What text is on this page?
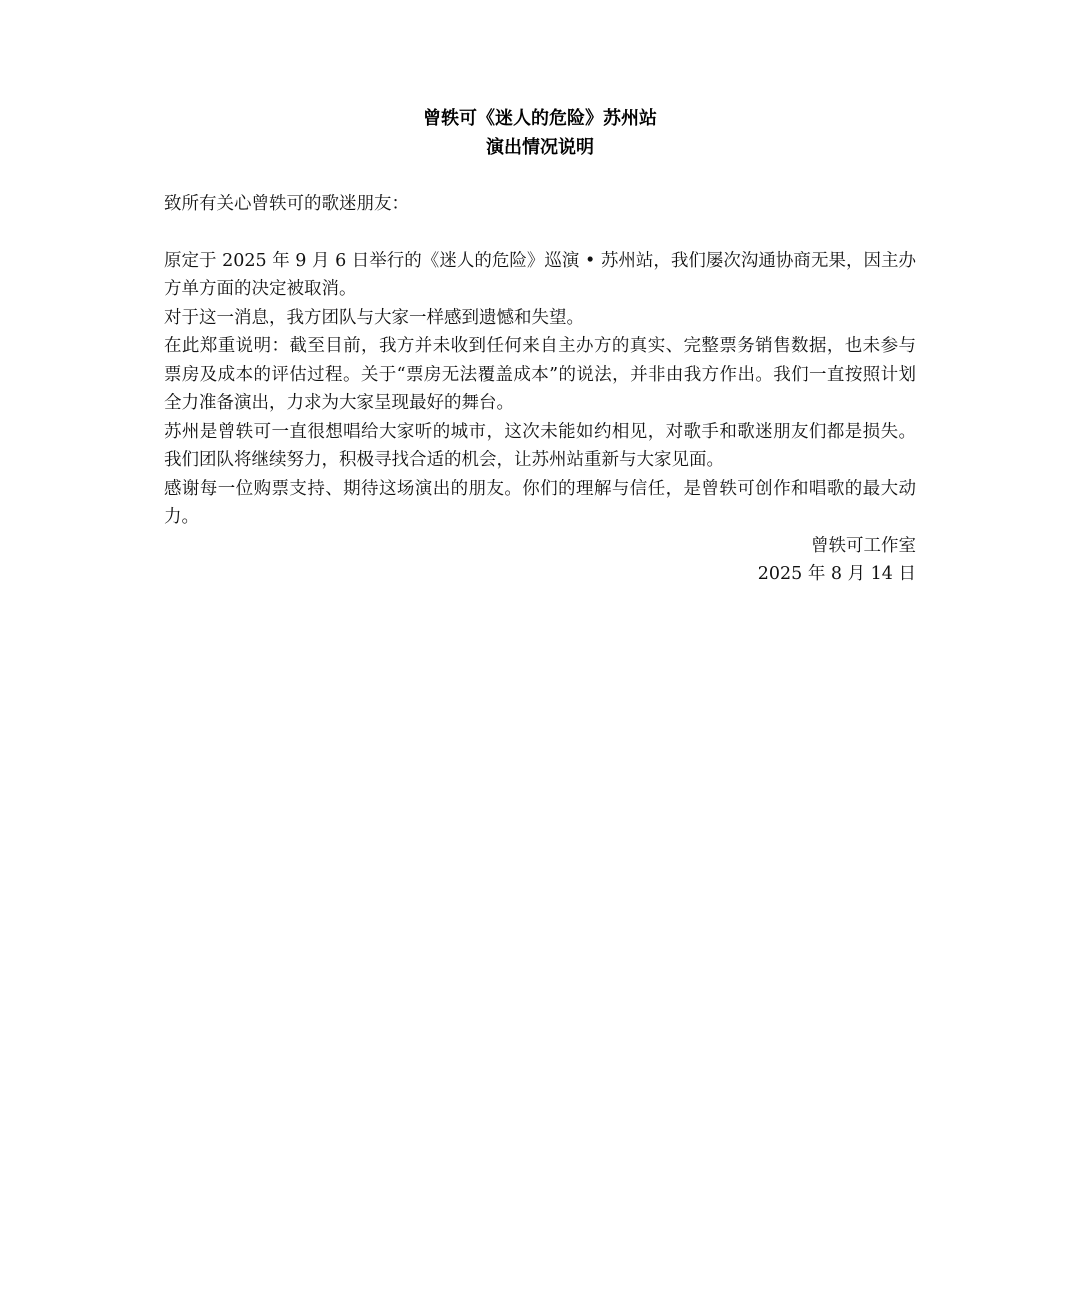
曾轶可《迷人的危险》苏州站
演出情况说明

致所有关心曾轶可的歌迷朋友：

原定于 2025 年 9 月 6 日举行的《迷人的危险》巡演 • 苏州站，我们屡次沟通协商无果，因主办方单方面的决定被取消。

对于这一消息，我方团队与大家一样感到遗憾和失望。

在此郑重说明：截至目前，我方并未收到任何来自主办方的真实、完整票务销售数据，也未参与票房及成本的评估过程。关于“票房无法覆盖成本”的说法，并非由我方作出。我们一直按照计划全力准备演出，力求为大家呈现最好的舞台。

苏州是曾轶可一直很想唱给大家听的城市，这次未能如约相见，对歌手和歌迷朋友们都是损失。我们团队将继续努力，积极寻找合适的机会，让苏州站重新与大家见面。

感谢每一位购票支持、期待这场演出的朋友。你们的理解与信任，是曾轶可创作和唱歌的最大动力。

曾轶可工作室

2025 年 8 月 14 日
